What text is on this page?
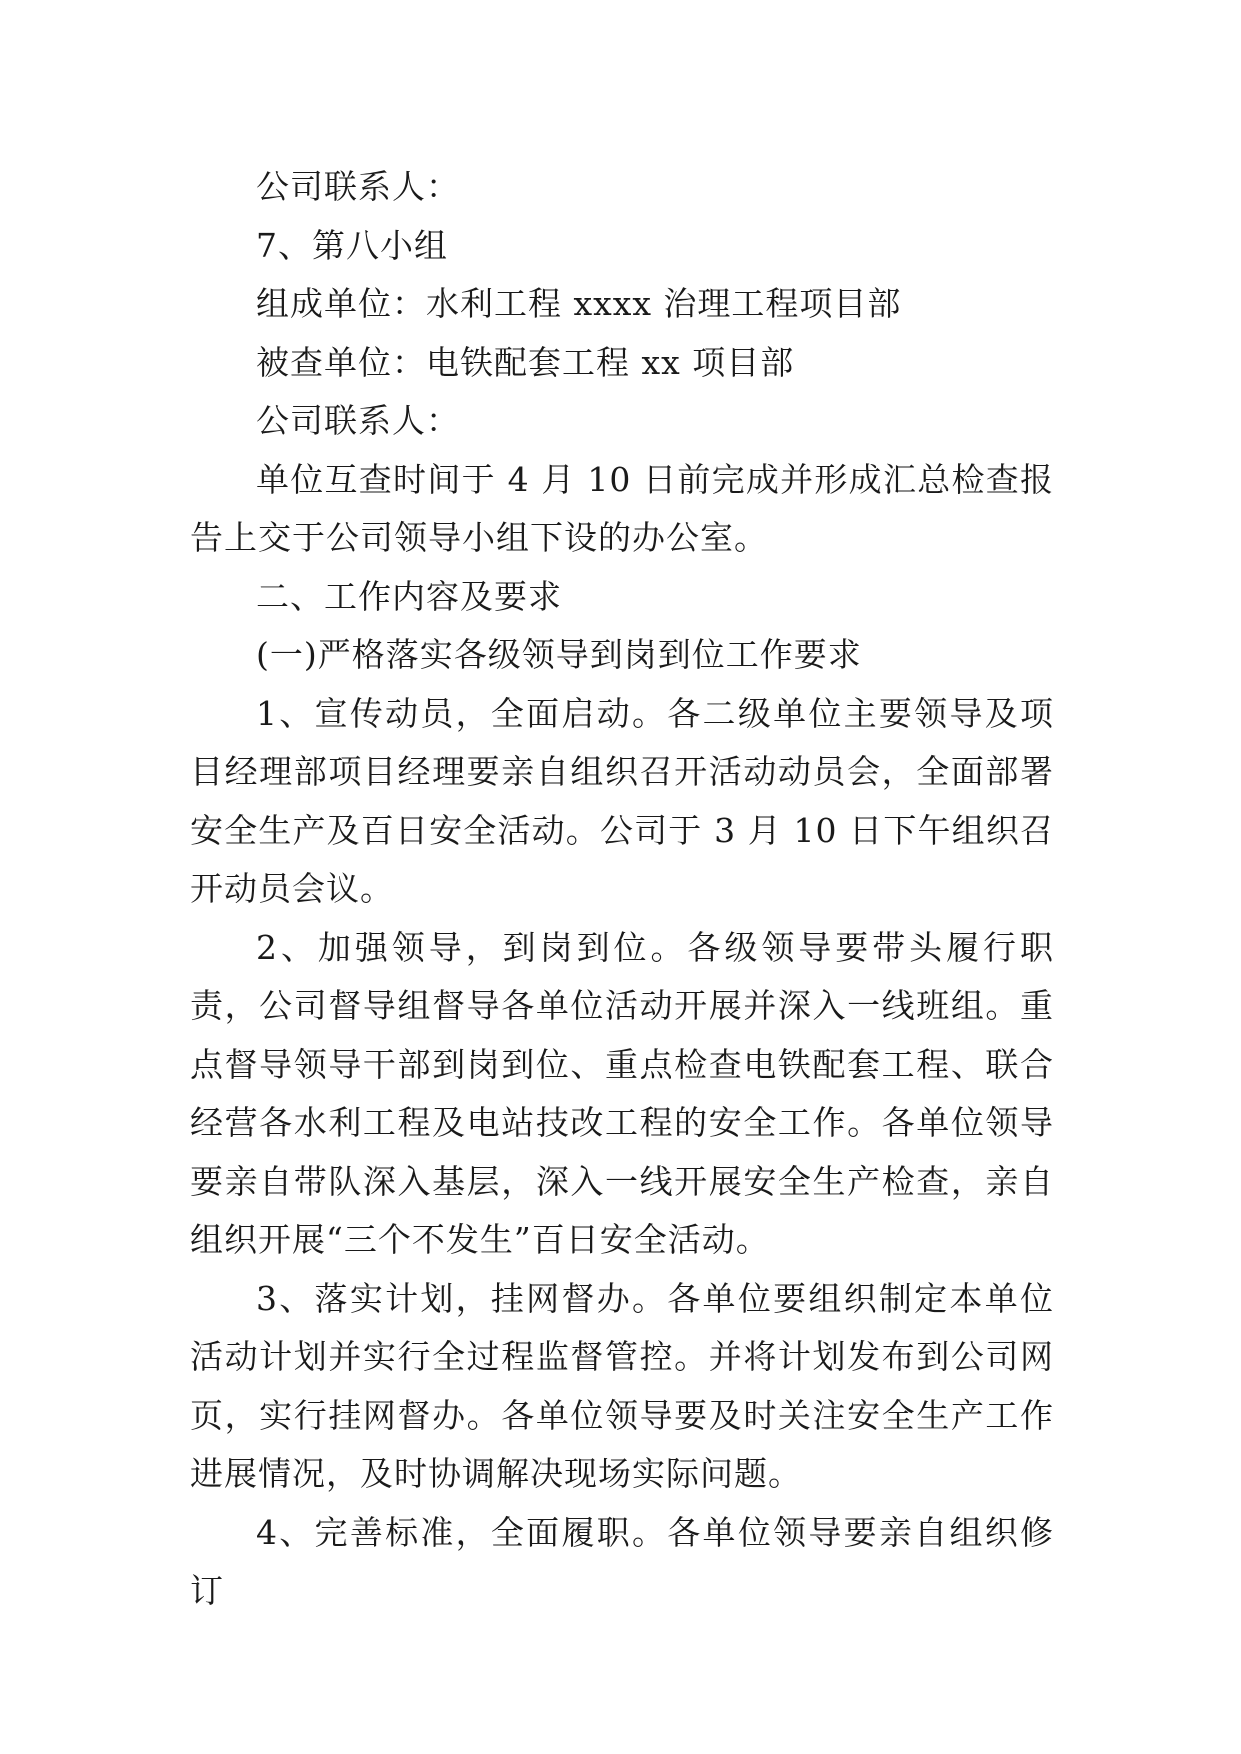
公司联系人：

7、第八小组

组成单位：水利工程 xxxx 治理工程项目部

被查单位：电铁配套工程 xx 项目部

公司联系人：

单位互查时间于 4 月 10 日前完成并形成汇总检查报告上交于公司领导小组下设的办公室。

二、工作内容及要求

(一)严格落实各级领导到岗到位工作要求

1、宣传动员，全面启动。各二级单位主要领导及项目经理部项目经理要亲自组织召开活动动员会，全面部署安全生产及百日安全活动。公司于 3 月 10 日下午组织召开动员会议。

2、加强领导，到岗到位。各级领导要带头履行职责，公司督导组督导各单位活动开展并深入一线班组。重点督导领导干部到岗到位、重点检查电铁配套工程、联合经营各水利工程及电站技改工程的安全工作。各单位领导要亲自带队深入基层，深入一线开展安全生产检查，亲自组织开展“三个不发生”百日安全活动。

3、落实计划，挂网督办。各单位要组织制定本单位活动计划并实行全过程监督管控。并将计划发布到公司网页，实行挂网督办。各单位领导要及时关注安全生产工作进展情况，及时协调解决现场实际问题。

4、完善标准，全面履职。各单位领导要亲自组织修订
